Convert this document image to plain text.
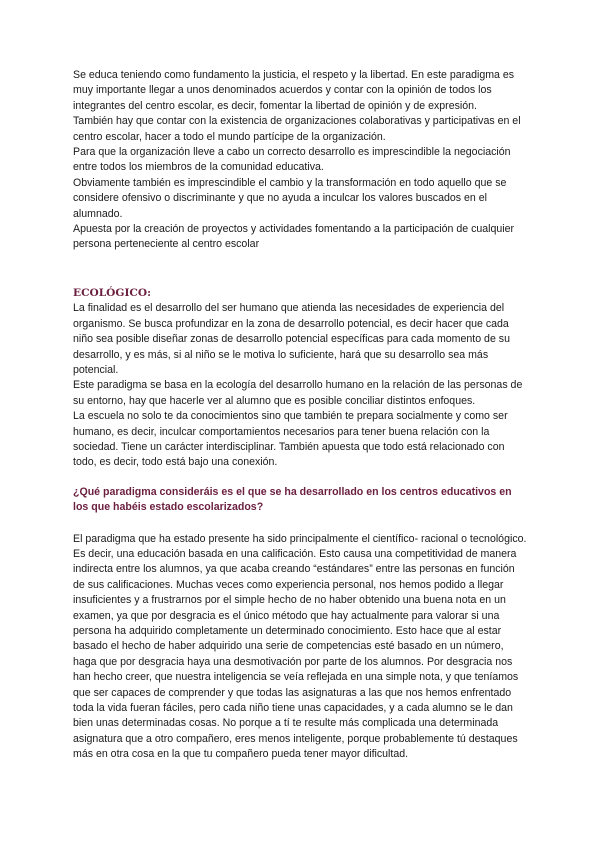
Se educa teniendo como fundamento la justicia, el respeto y la libertad. En este paradigma es muy importante llegar a unos denominados acuerdos y contar con la opinión de todos los integrantes del centro escolar, es decir, fomentar la libertad de opinión y de expresión.

También hay que contar con la existencia de organizaciones colaborativas y participativas en el centro escolar, hacer a todo el mundo partícipe de la organización.

Para que la organización lleve a cabo un correcto desarrollo es imprescindible la negociación entre todos los miembros de la comunidad educativa.

Obviamente también es imprescindible el cambio y la transformación en todo aquello que se considere ofensivo o discriminante y que no ayuda a inculcar los valores buscados en el alumnado.

Apuesta por la creación de proyectos y actividades fomentando a la participación de cualquier persona perteneciente al centro escolar

ECOLÓGICO:

La finalidad es el desarrollo del ser humano que atienda las necesidades de experiencia del organismo. Se busca profundizar en la zona de desarrollo potencial, es decir hacer que cada niño sea posible diseñar zonas de desarrollo potencial específicas para cada momento de su desarrollo, y es más, si al niño se le motiva lo suficiente, hará que su desarrollo sea más potencial.

Este paradigma se basa en la ecología del desarrollo humano en la relación de las personas de su entorno, hay que hacerle ver al alumno que es posible conciliar distintos enfoques.

La escuela no solo te da conocimientos sino que también te prepara socialmente y como ser humano, es decir, inculcar comportamientos necesarios para tener buena relación con la sociedad. Tiene un carácter interdisciplinar. También apuesta que todo está relacionado con todo, es decir, todo está bajo una conexión.

¿Qué paradigma consideráis es el que se ha desarrollado en los centros educativos en los que habéis estado escolarizados?

El paradigma que ha estado presente ha sido principalmente el científico- racional o tecnológico. Es decir, una educación basada en una calificación. Esto causa una competitividad de manera indirecta entre los alumnos, ya que acaba creando “estándares” entre las personas en función de sus calificaciones. Muchas veces como experiencia personal, nos hemos podido a llegar insuficientes y a frustrarnos por el simple hecho de no haber obtenido una buena nota en un examen, ya que por desgracia es el único método que hay actualmente para valorar si una persona ha adquirido completamente un determinado conocimiento. Esto hace que al estar basado el hecho de haber adquirido una serie de competencias esté basado en un número, haga que por desgracia haya una desmotivación por parte de los alumnos. Por desgracia nos han hecho creer, que nuestra inteligencia se veía reflejada en una simple nota, y que teníamos que ser capaces de comprender y que todas las asignaturas a las que nos hemos enfrentado toda la vida fueran fáciles, pero cada niño tiene unas capacidades, y a cada alumno se le dan bien unas determinadas cosas. No porque a tí te resulte más complicada una determinada asignatura que a otro compañero, eres menos inteligente, porque probablemente tú destaques más en otra cosa en la que tu compañero pueda tener mayor dificultad.
